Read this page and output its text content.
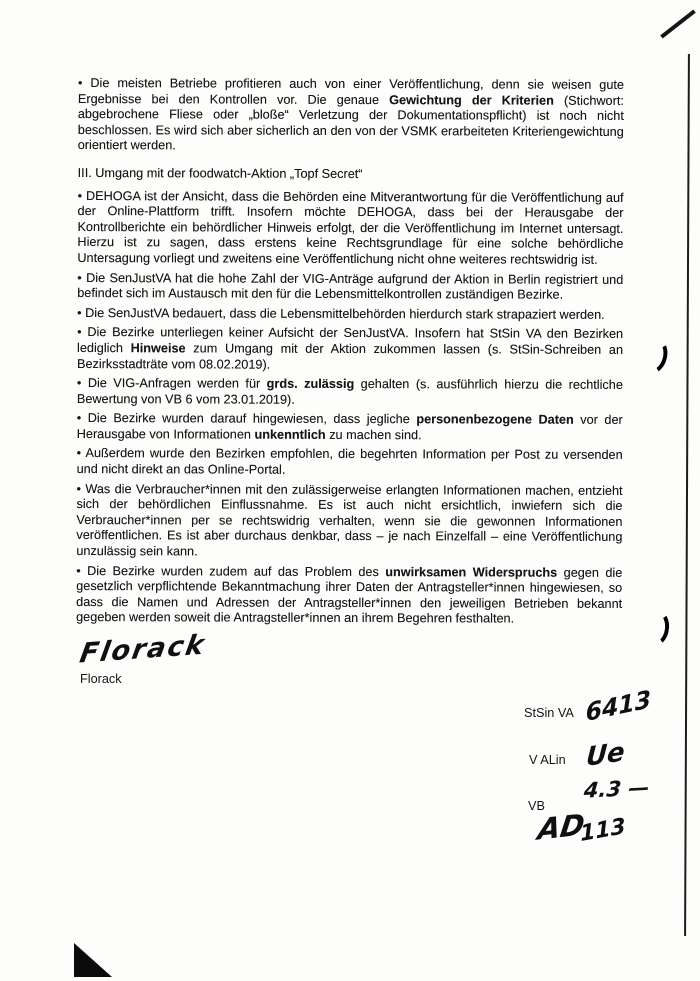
• Die meisten Betriebe profitieren auch von einer Veröffentlichung, denn sie weisen gute Ergebnisse bei den Kontrollen vor. Die genaue Gewichtung der Kriterien (Stichwort: abgebrochene Fliese oder „bloße“ Verletzung der Dokumentationspflicht) ist noch nicht beschlossen. Es wird sich aber sicherlich an den von der VSMK erarbeiteten Kriteriengewichtung orientiert werden.

III. Umgang mit der foodwatch-Aktion „Topf Secret“

• DEHOGA ist der Ansicht, dass die Behörden eine Mitverantwortung für die Veröffentlichung auf der Online-Plattform trifft. Insofern möchte DEHOGA, dass bei der Herausgabe der Kontrollberichte ein behördlicher Hinweis erfolgt, der die Veröffentlichung im Internet untersagt. Hierzu ist zu sagen, dass erstens keine Rechtsgrundlage für eine solche behördliche Untersagung vorliegt und zweitens eine Veröffentlichung nicht ohne weiteres rechtswidrig ist.

• Die SenJustVA hat die hohe Zahl der VIG-Anträge aufgrund der Aktion in Berlin registriert und befindet sich im Austausch mit den für die Lebensmittelkontrollen zuständigen Bezirke.

• Die SenJustVA bedauert, dass die Lebensmittelbehörden hierdurch stark strapaziert werden.

• Die Bezirke unterliegen keiner Aufsicht der SenJustVA. Insofern hat StSin VA den Bezirken lediglich Hinweise zum Umgang mit der Aktion zukommen lassen (s. StSin-Schreiben an Bezirksstadträte vom 08.02.2019).

• Die VIG-Anfragen werden für grds. zulässig gehalten (s. ausführlich hierzu die rechtliche Bewertung von VB 6 vom 23.01.2019).

• Die Bezirke wurden darauf hingewiesen, dass jegliche personenbezogene Daten vor der Herausgabe von Informationen unkenntlich zu machen sind.

• Außerdem wurde den Bezirken empfohlen, die begehrten Information per Post zu versenden und nicht direkt an das Online-Portal.

• Was die Verbraucher*innen mit den zulässigerweise erlangten Informationen machen, entzieht sich der behördlichen Einflussnahme. Es ist auch nicht ersichtlich, inwiefern sich die Verbraucher*innen per se rechtswidrig verhalten, wenn sie die gewonnen Informationen veröffentlichen. Es ist aber durchaus denkbar, dass – je nach Einzelfall – eine Veröffentlichung unzulässig sein kann.

• Die Bezirke wurden zudem auf das Problem des unwirksamen Widerspruchs gegen die gesetzlich verpflichtende Bekanntmachung ihrer Daten der Antragsteller*innen hingewiesen, so dass die Namen und Adressen der Antragsteller*innen den jeweiligen Betrieben bekannt gegeben werden soweit die Antragsteller*innen an ihrem Begehren festhalten.

Florack
Florack
StSin VA 6413
V ALin Ue
4.3 —
VB
AD
113
